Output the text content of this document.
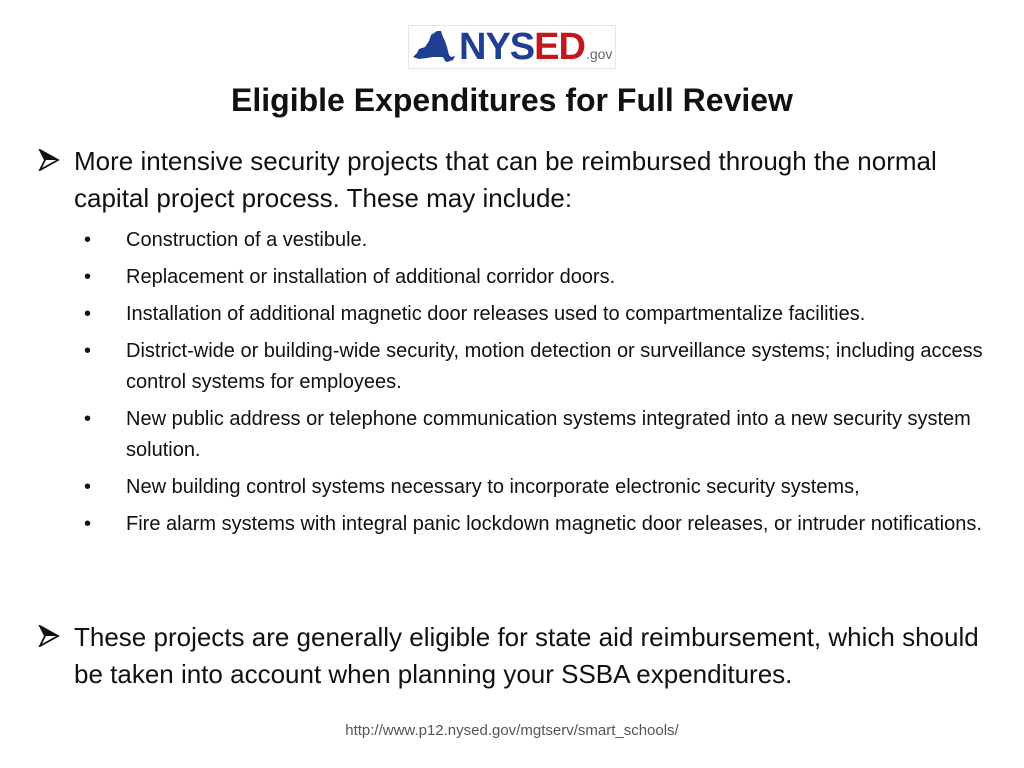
NYSED .gov
Eligible Expenditures for Full Review
More intensive security projects that can be reimbursed through the normal capital project process. These may include:
• Construction of a vestibule.
• Replacement or installation of additional corridor doors.
• Installation of additional magnetic door releases used to compartmentalize facilities.
• District-wide or building-wide security, motion detection or surveillance systems; including access control systems for employees.
• New public address or telephone communication systems integrated into a new security system solution.
• New building control systems necessary to incorporate electronic security systems,
• Fire alarm systems with integral panic lockdown magnetic door releases, or intruder notifications.
These projects are generally eligible for state aid reimbursement, which should be taken into account when planning your SSBA expenditures.
http://www.p12.nysed.gov/mgtserv/smart_schools/
